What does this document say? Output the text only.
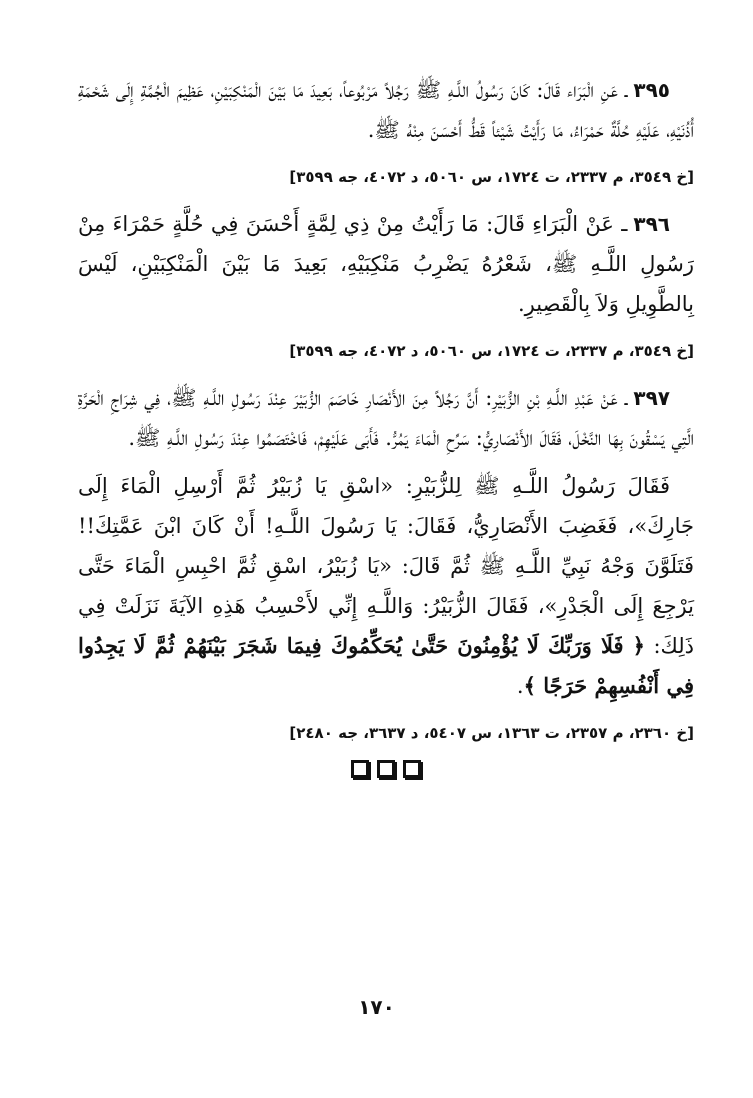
٣٩٥ـ عَنِ الْبَرَاء قَالَ: كَانَ رَسُولُ اللَّـهِ ﷺ رَجُلاً مَرْبُوعاً، بَعِيدَ مَا بَيْنَ الْمَنْكِبَيْنِ، عَظِيمَ الْجُمَّةِ إِلَى شَحْمَةِ أُذُنَيْهِ، عَلَيْهِ حُلَّةٌ حَمْرَاءُ، مَا رَأَيْتُ شَيْئاً قَطُّ أَحْسَنَ مِنْهُ ﷺ.

[خ ٣٥٤٩، م ٢٣٣٧، ت ١٧٢٤، س ٥٠٦٠، د ٤٠٧٢، جه ٣٥٩٩]

٣٩٦ـ عَنْ الْبَرَاءِ قَالَ: مَا رَأَيْتُ مِنْ ذِي لِمَّةٍ أَحْسَنَ فِي حُلَّةٍ حَمْرَاءَ مِنْ رَسُولِ اللَّـهِ ﷺ، شَعْرُهُ يَضْرِبُ مَنْكِبَيْهِ، بَعِيدَ مَا بَيْنَ الْمَنْكِبَيْنِ، لَيْسَ بِالطَّوِيلِ وَلاَ بِالْقَصِيرِ.

[خ ٣٥٤٩، م ٢٣٣٧، ت ١٧٢٤، س ٥٠٦٠، د ٤٠٧٢، جه ٣٥٩٩]

٣٩٧ـ عَنْ عَبْدِ اللَّـهِ بْنِ الزُّبَيْرِ: أَنَّ رَجُلاً مِنَ الأَنْصَارِ خَاصَمَ الزُّبَيْرَ عِنْدَ رَسُولِ اللَّـهِ ﷺ، فِي شِرَاجِ الْحَرَّةِ الَّتِي يَسْقُونَ بِهَا النَّخْلَ، فَقَالَ الأَنْصَارِيُّ: سَرِّحِ الْمَاءَ يَمُرُّ. فَأَبَى عَلَيْهِمْ، فَاخْتَصَمُوا عِنْدَ رَسُولِ اللَّـهِ ﷺ.

فَقَالَ رَسُولُ اللَّـهِ ﷺ لِلزُّبَيْرِ: «اسْقِ يَا زُبَيْرُ ثُمَّ أَرْسِلِ الْمَاءَ إِلَى جَارِكَ»، فَغَضِبَ الأَنْصَارِيُّ، فَقَالَ: يَا رَسُولَ اللَّـهِ! أَنْ كَانَ ابْنَ عَمَّتِكَ!! فَتَلَوَّنَ وَجْهُ نَبِيِّ اللَّـهِ ﷺ ثُمَّ قَالَ: «يَا زُبَيْرُ، اسْقِ ثُمَّ احْبِسِ الْمَاءَ حَتَّى يَرْجِعَ إِلَى الْجَدْرِ»، فَقَالَ الزُّبَيْرُ: وَاللَّـهِ إِنِّي لأَحْسِبُ هَذِهِ الآيَةَ نَزَلَتْ فِي ذَلِكَ: ﴿ فَلَا وَرَبِّكَ لَا يُؤْمِنُونَ حَتَّىٰ يُحَكِّمُوكَ فِيمَا شَجَرَ بَيْنَهُمْ ثُمَّ لَا يَجِدُوا فِي أَنْفُسِهِمْ حَرَجًا ﴾.

[خ ٢٣٦٠، م ٢٣٥٧، ت ١٣٦٣، س ٥٤٠٧، د ٣٦٣٧، جه ٢٤٨٠]
١٧٠
